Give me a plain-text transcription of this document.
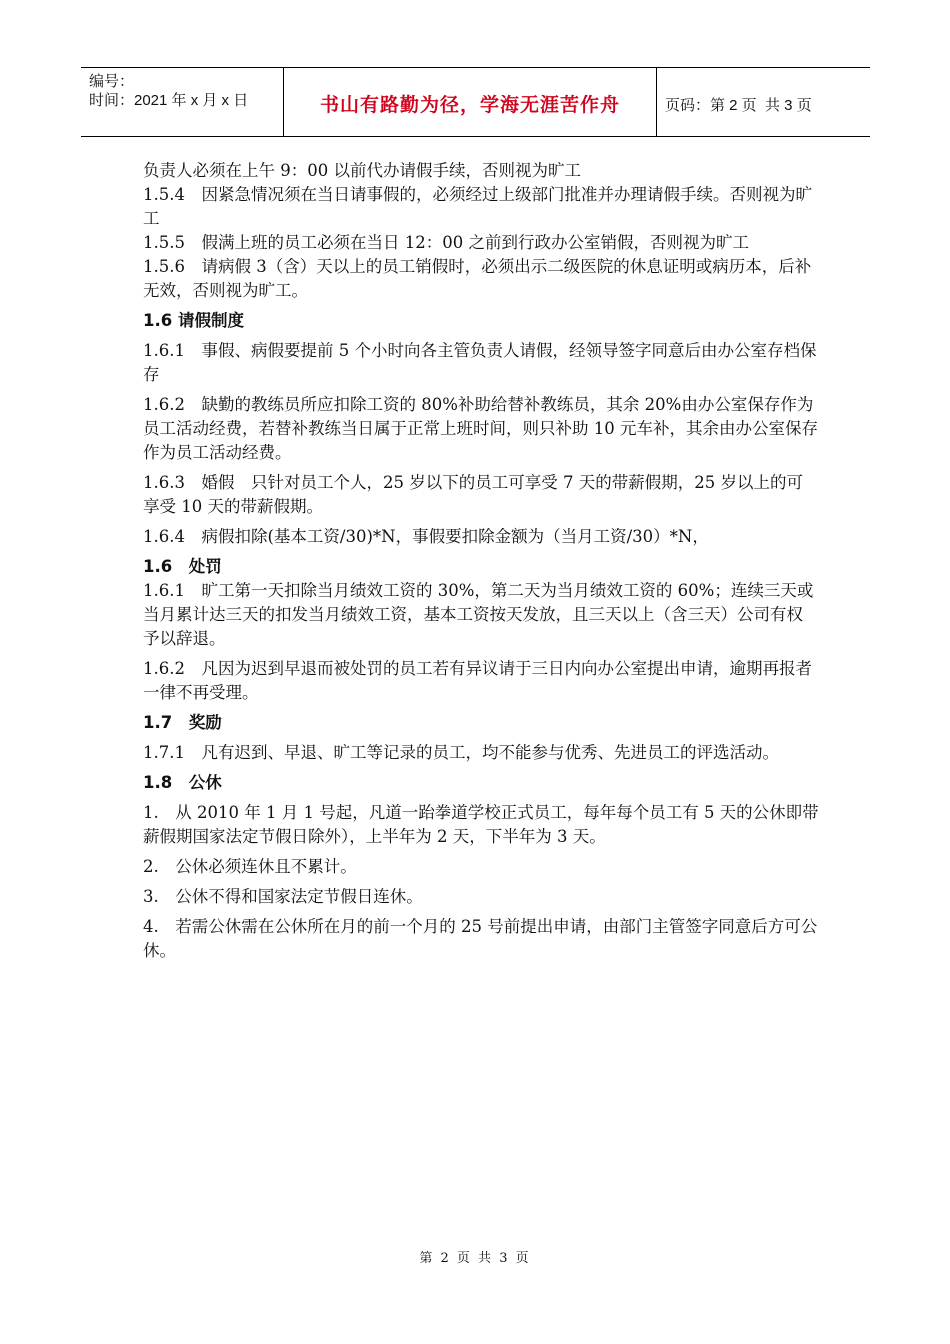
编号：
时间：2021 年 x 月 x 日	书山有路勤为径，学海无涯苦作舟	页码：第 2 页  共 3 页

负责人必须在上午 9：00 以前代办请假手续，否则视为旷工

1.5.4　因紧急情况须在当日请事假的，必须经过上级部门批准并办理请假手续。否则视为旷工

1.5.5　假满上班的员工必须在当日 12：00 之前到行政办公室销假，否则视为旷工

1.5.6　请病假 3（含）天以上的员工销假时，必须出示二级医院的休息证明或病历本，后补无效，否则视为旷工。

1.6 请假制度

1.6.1　事假、病假要提前 5 个小时向各主管负责人请假，经领导签字同意后由办公室存档保存

1.6.2　缺勤的教练员所应扣除工资的 80%补助给替补教练员，其余 20%由办公室保存作为员工活动经费，若替补教练当日属于正常上班时间，则只补助 10 元车补，其余由办公室保存作为员工活动经费。

1.6.3　婚假　只针对员工个人，25 岁以下的员工可享受 7 天的带薪假期，25 岁以上的可享受 10 天的带薪假期。

1.6.4　病假扣除(基本工资/30)*N，事假要扣除金额为（当月工资/30）*N，

1.6　处罚

1.6.1　旷工第一天扣除当月绩效工资的 30%，第二天为当月绩效工资的 60%；连续三天或当月累计达三天的扣发当月绩效工资，基本工资按天发放，且三天以上（含三天）公司有权予以辞退。

1.6.2　凡因为迟到早退而被处罚的员工若有异议请于三日内向办公室提出申请，逾期再报者一律不再受理。

1.7　奖励

1.7.1　凡有迟到、早退、旷工等记录的员工，均不能参与优秀、先进员工的评选活动。

1.8　公休

1.　从 2010 年 1 月 1 号起，凡道一跆拳道学校正式员工，每年每个员工有 5 天的公休即带薪假期国家法定节假日除外），上半年为 2 天，下半年为 3 天。

2.　公休必须连休且不累计。

3.　公休不得和国家法定节假日连休。

4.　若需公休需在公休所在月的前一个月的 25 号前提出申请，由部门主管签字同意后方可公休。

第 2 页 共 3 页
